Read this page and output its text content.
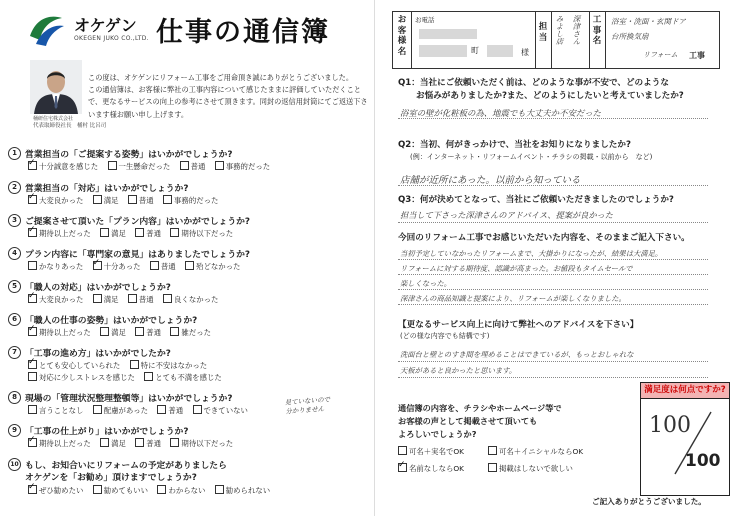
オケゲン
OKEGEN JUKO CO.,LTD. 仕事の通信簿
桶研住宅株式会社
代表取締役社長　桶村 比呂司

この度は、オケゲンにリフォーム工事をご用命頂き誠にありがとうございました。

この通信簿は、お客様に弊社の工事内容について感じたままに評価していただくことで、更なるサービスの向上の参考にさせて頂きます。同封の返信用封筒にてご返送下さいます様お願い申し上げます。

1 営業担当の「ご提案する姿勢」はいかがでしょうか?
✓十分誠意を感じた	一生懸命だった	普通	事務的だった
2 営業担当の「対応」はいかがでしょうか?
✓大変良かった	満足	普通	事務的だった
3 ご提案させて頂いた「プラン内容」はいかがでしょうか?
✓期待以上だった	満足	普通	期待以下だった
4 プラン内容に「専門家の意見」はありましたでしょうか?
かなりあった ✓	十分あった	普通	殆どなかった
5 「職人の対応」はいかがでしょうか?
✓大変良かった	満足	普通	良くなかった
6 「職人の仕事の姿勢」はいかがでしょうか?
✓期待以上だった	満足	普通	雑だった
7 「工事の進め方」はいかがでしたか?
✓とても安心していられた	特に不安はなかった
対応に少しストレスを感じた	とても不満を感じた
8 現場の「管理状況整理整頓等」はいかがでしょうか?
言うことなし	配慮があった	普通	できていない
見ていないので
分かりません
9 「工事の仕上がり」はいかがでしょうか?
✓期待以上だった	満足	普通	期待以下だった
10 もし、お知合いにリフォームの予定がありましたら
オケゲンを「お勧め」頂けますでしょうか?
✓ぜひ勧めたい	勧めてもいい	わからない	勧められない
お客様名
お電話
町	様
担当 みよし店 深津さん 工事名
浴室・洗面・玄関ドア
台所換気扇
リフォーム 工事
Q1：当社にご依頼いただく前は、どのような事が不安で、どのような
お悩みがありましたか?また、どのようにしたいと考えていましたか?
浴室の壁が化粧板の為、地震でも大丈夫か不安だった
Q2：当初、何がきっかけで、当社をお知りになりましたか?
(例：インターネット・リフォームイベント・チラシの掲載・以前から　など)
店舗が近所にあった。以前から知っている
Q3：何が決めてとなって、当社にご依頼いただきましたのでしょうか?
担当して下さった深津さんのアドバイス、提案が良かった
今回のリフォーム工事でお感じいただいた内容を、そのままご記入下さい。
当初予定していなかったリフォームまで、大掛かりになったが、結果は大満足。
リフォームに対する期待度、認識が高まった。お値段もタイムセールで
楽しくなった。
深津さんの商品知識と提案により、リフォームが楽しくなりました。
【更なるサービス向上に向けて弊社へのアドバイスを下さい】
(どの様な内容でも結構です)
洗面台と壁とのすき間を埋めることはできているが、もっとおしゃれな
天板があると良かったと思います。
通信簿の内容を、チラシやホームページ等で
お客様の声として掲載させて頂いても
よろしいでしょうか?
可名＋実名でOK	可名＋イニシャルならOK
✓名前なしならOK	掲載はしないで欲しい
満足度は何点ですか?
100
100
ご記入ありがとうございました。
